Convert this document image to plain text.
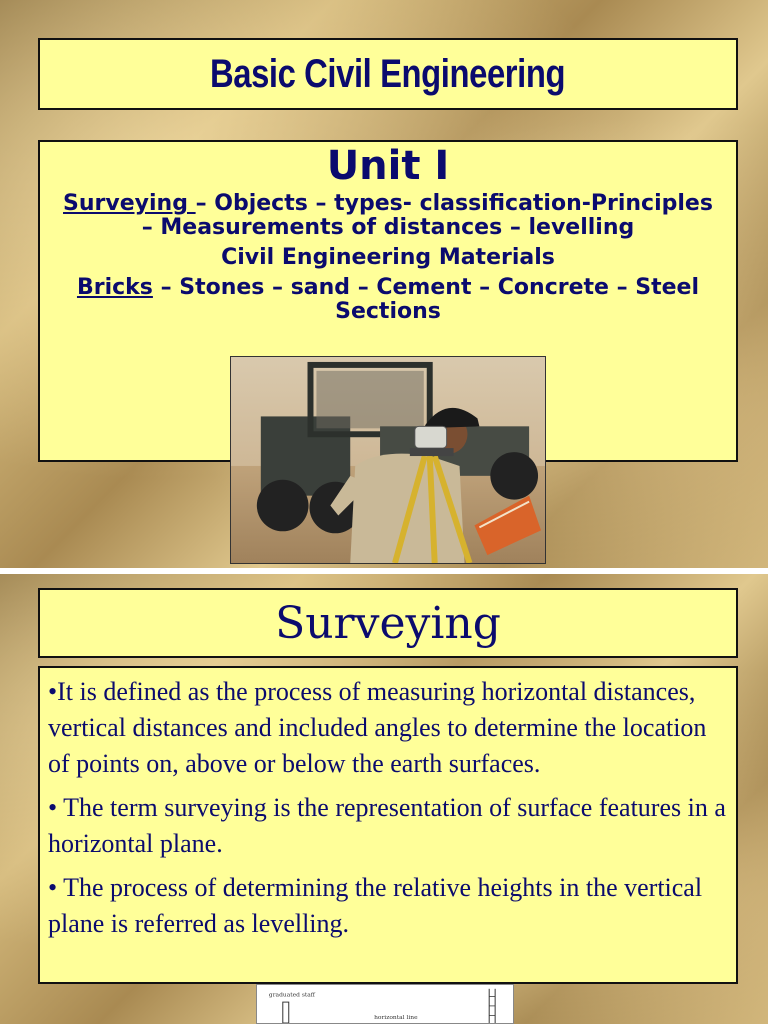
Basic Civil Engineering
Unit I

Surveying – Objects – types- classification-Principles – Measurements of distances – levelling

Civil Engineering Materials

Bricks – Stones – sand – Cement – Concrete – Steel Sections

Surveying

•It is defined as the process of measuring horizontal distances, vertical distances and included angles to determine the location of points on, above or below the earth surfaces.

• The term surveying is the representation of surface features in a horizontal plane.

• The process of determining the relative heights in the vertical plane is referred as levelling.

graduated staff
horizontal line
